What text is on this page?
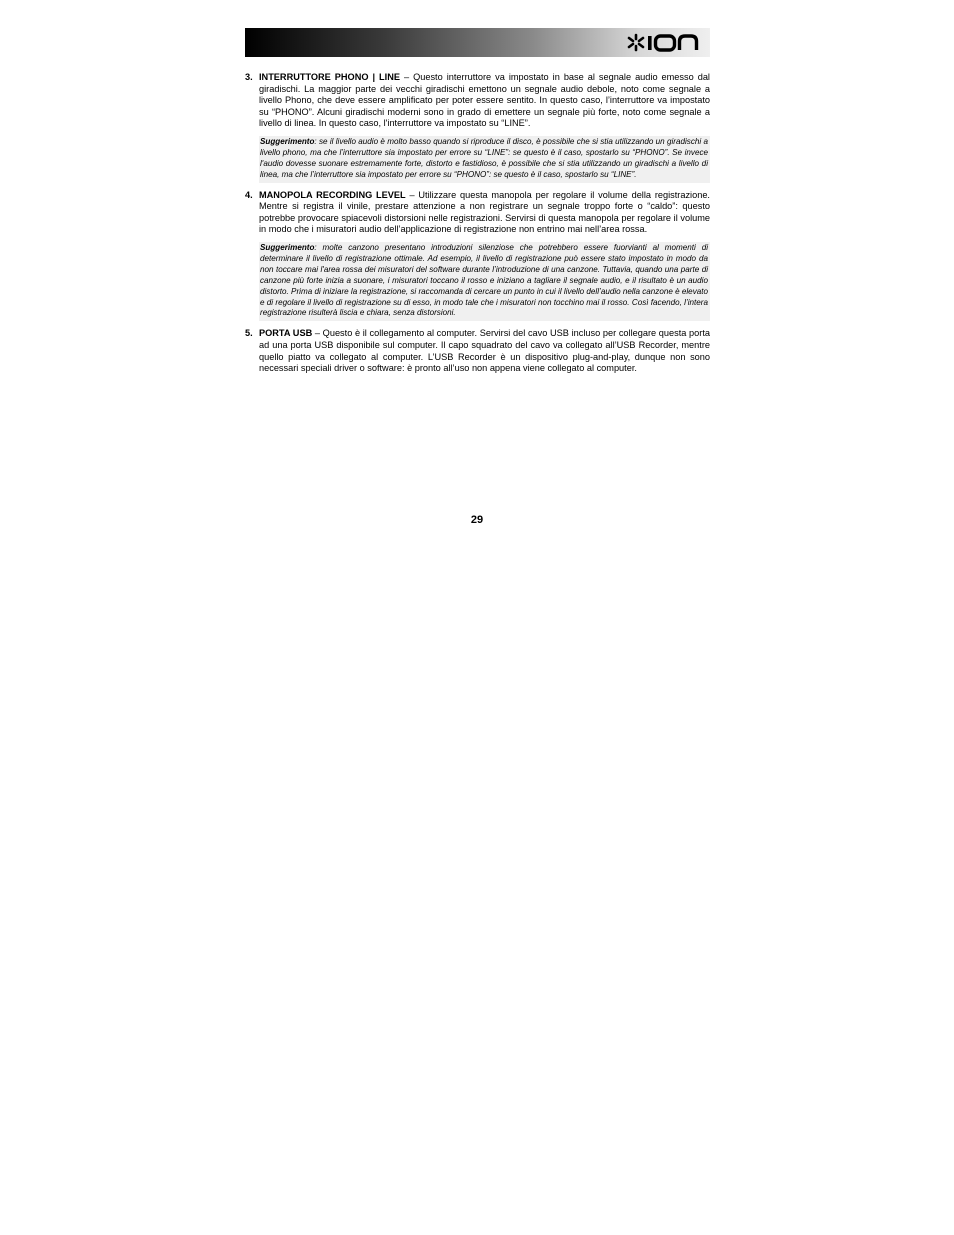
3. INTERRUTTORE PHONO | LINE – Questo interruttore va impostato in base al segnale audio emesso dal giradischi. La maggior parte dei vecchi giradischi emettono un segnale audio debole, noto come segnale a livello Phono, che deve essere amplificato per poter essere sentito. In questo caso, l’interruttore va impostato su “PHONO”. Alcuni giradischi moderni sono in grado di emettere un segnale più forte, noto come segnale a livello di linea. In questo caso, l'interruttore va impostato su “LINE”.
Suggerimento: se il livello audio è molto basso quando si riproduce il disco, è possibile che si stia utilizzando un giradischi a livello phono, ma che l’interruttore sia impostato per errore su “LINE”: se questo è il caso, spostarlo su “PHONO”. Se invece l'audio dovesse suonare estremamente forte, distorto e fastidioso, è possibile che si stia utilizzando un giradischi a livello di linea, ma che l’interruttore sia impostato per errore su “PHONO”: se questo è il caso, spostarlo su “LINE”.
4. MANOPOLA RECORDING LEVEL – Utilizzare questa manopola per regolare il volume della registrazione. Mentre si registra il vinile, prestare attenzione a non registrare un segnale troppo forte o “caldo”: questo potrebbe provocare spiacevoli distorsioni nelle registrazioni. Servirsi di questa manopola per regolare il volume in modo che i misuratori audio dell’applicazione di registrazione non entrino mai nell’area rossa.
Suggerimento: molte canzono presentano introduzioni silenziose che potrebbero essere fuorvianti al momenti di determinare il livello di registrazione ottimale. Ad esempio, il livello di registrazione può essere stato impostato in modo da non toccare mai l'area rossa dei misuratori del software durante l’introduzione di una canzone. Tuttavia, quando una parte di canzone più forte inizia a suonare, i misuratori toccano il rosso e iniziano a tagliare il segnale audio, e il risultato è un audio distorto. Prima di iniziare la registrazione, si raccomanda di cercare un punto in cui il livello dell’audio nella canzone è elevato e di regolare il livello di registrazione su di esso, in modo tale che i misuratori non tocchino mai il rosso. Così facendo, l’intera registrazione risulterà liscia e chiara, senza distorsioni.
5. PORTA USB – Questo è il collegamento al computer. Servirsi del cavo USB incluso per collegare questa porta ad una porta USB disponibile sul computer. Il capo squadrato del cavo va collegato all’USB Recorder, mentre quello piatto va collegato al computer. L’USB Recorder è un dispositivo plug-and-play, dunque non sono necessari speciali driver o software: è pronto all’uso non appena viene collegato al computer.
29
